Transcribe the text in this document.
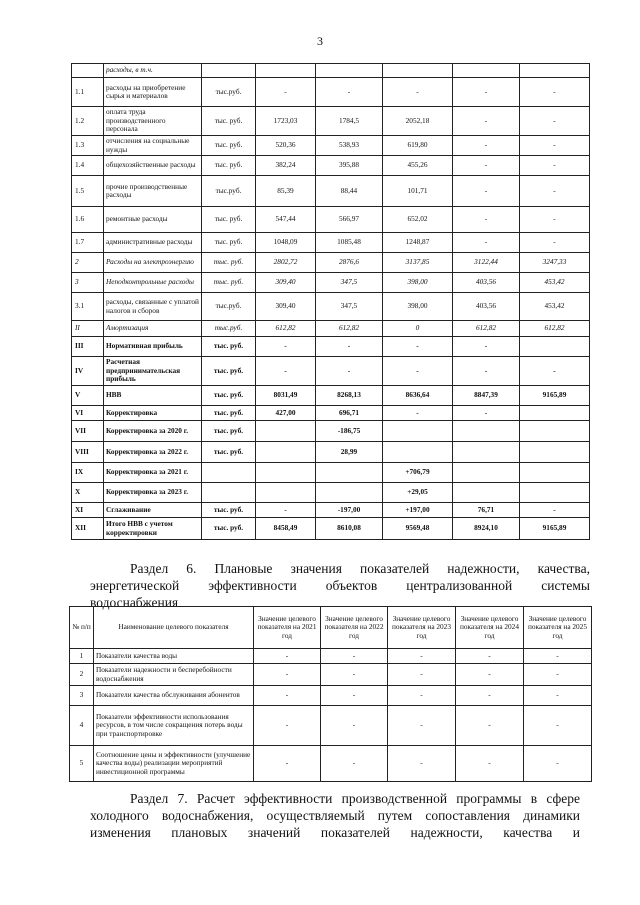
3
	расходы, в т.ч.						
1.1	расходы на приобретение сырья и материалов	тыс.руб.	-	-	-	-	-
1.2	оплата труда производственного персонала	тыс. руб.	1723,03	1784,5	2052,18	-	-
1.3	отчисления на социальные нужды	тыс. руб.	520,36	538,93	619,80	-	-
1.4	общехозяйственные расходы	тыс. руб.	382,24	395,88	455,26	-	-
1.5	прочие производственные расходы	тыс.руб.	85,39	88,44	101,71	-	-
1.6	ремонтные расходы	тыс. руб.	547,44	566,97	652,02	-	-
1.7	административные расходы	тыс. руб.	1048,09	1085,48	1248,87	-	-
2	Расходы на электроэнергию	тыс. руб.	2802,72	2876,6	3137,85	3122,44	3247,33
3	Неподконтрольные расходы	тыс. руб.	309,40	347,5	398,00	403,56	453,42
3.1	расходы, связанные с уплатой налогов и сборов	тыс.руб.	309,40	347,5	398,00	403,56	453,42
II	Амортизация	тыс.руб.	612,82	612,82	0	612,82	612,82
III	Нормативная прибыль	тыс. руб.	-	-	-	-	
IV	Расчетная предпринимательская прибыль	тыс. руб.	-	-	-	-	-
V	НВВ	тыс. руб.	8031,49	8268,13	8636,64	8847,39	9165,89
VI	Корректировка	тыс. руб.	427,00	696,71	-	-	
VII	Корректировка за 2020 г.	тыс. руб.		-186,75			
VIII	Корректировка за 2022 г.	тыс. руб.		28,99			
IX	Корректировка за 2021 г.				+706,79		
X	Корректировка за 2023 г.				+29,05		
XI	Сглаживание	тыс. руб.	-	-197,00	+197,00	76,71	-
XII	Итого НВВ с учетом корректировки	тыс. руб.	8458,49	8610,08	9569,48	8924,10	9165,89
Раздел 6. Плановые значения показателей надежности, качества,
энергетической эффективности объектов централизованной системы
водоснабжения
№ п/п	Наименование целевого показателя	Значение целевого показателя на 2021 год	Значение целевого показателя на 2022 год	Значение целевого показателя на 2023 год	Значение целевого показателя на 2024 год	Значение целевого показателя на 2025 год
1	Показатели качества воды	-	-	-	-	-
2	Показатели надежности и бесперебойности водоснабжения	-	-	-	-	-
3	Показатели качества обслуживания абонентов	-	-	-	-	-
4	Показатели эффективности использования ресурсов, в том числе сокращения потерь воды при транспортировке	-	-	-	-	-
5	Соотношение цены и эффективности (улучшение качества воды) реализации мероприятий инвестиционной программы	-	-	-	-	-
Раздел 7. Расчет эффективности производственной программы в сфере
холодного водоснабжения, осуществляемый путем сопоставления динамики
изменения плановых значений показателей надежности, качества и
